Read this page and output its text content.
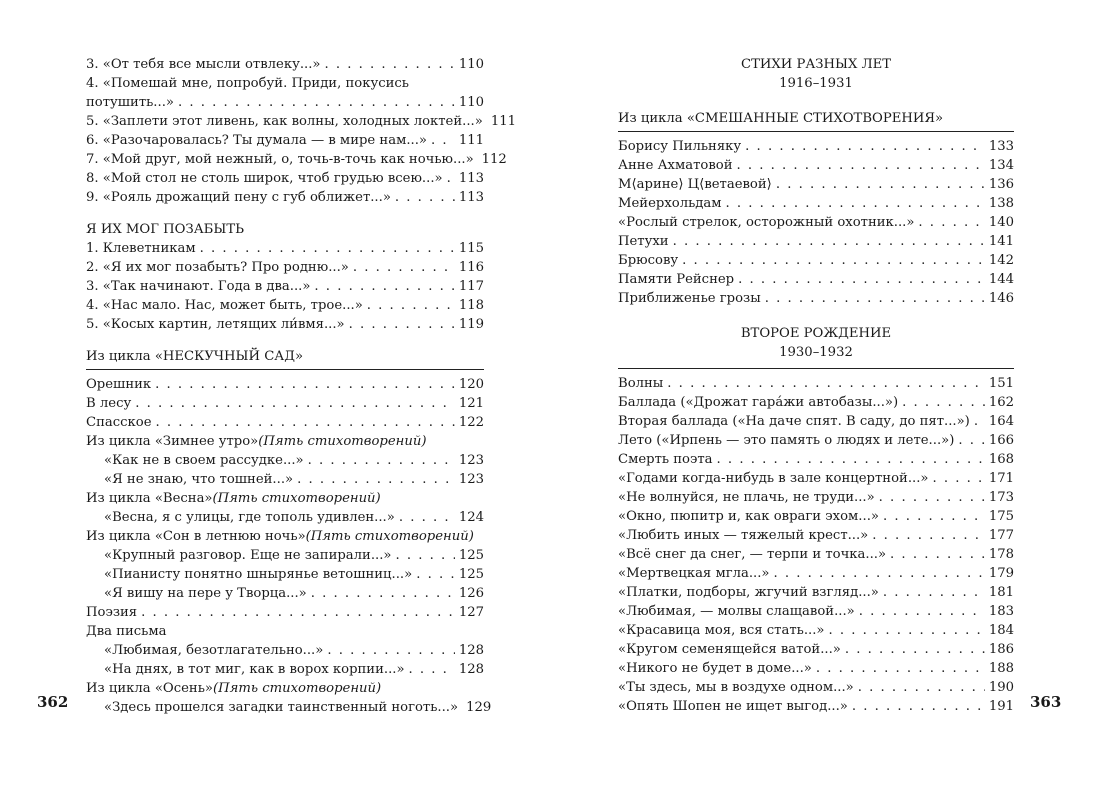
3. «От тебя все мысли отвлеку...» . . .	110
4. «Помешай мне, попробуй. Приди, покусись
потушить...» . . .	110
5. «Заплети этот ливень, как волны, холодных локтей...» 111
6. «Разочаровалась? Ты думала — в мире нам...» . . . 111
7. «Мой друг, мой нежный, о, точь-в-точь как ночью...» 112
8. «Мой стол не столь широк, чтоб грудью всею...» . . . 113
9. «Рояль дрожащий пену с губ оближет...» . . .	113
Я ИХ МОГ ПОЗАБЫТЬ
1. Клеветникам . . .	115
2. «Я их мог позабыть? Про родню...» . . .	116
3. «Так начинают. Года в два...» . . .	117
4. «Нас мало. Нас, может быть, трое...» . . .	118
5. «Косых картин, летящих ли́вмя...» . . .	119
Из цикла «НЕСКУЧНЫЙ САД»
Орешник . . .	120
В лесу . . .	121
Спасское . . .	122
Из цикла «Зимнее утро» (Пять стихотворений)
«Как не в своем рассудке...» . . .	123
«Я не знаю, что тошней...» . . .	123
Из цикла «Весна» (Пять стихотворений)
«Весна, я с улицы, где тополь удивлен...» . . .	124
Из цикла «Сон в летнюю ночь» (Пять стихотворений)
«Крупный разговор. Еще не запирали...» . . .	125
«Пианисту понятно шнырянье ветошниц...» . . .	125
«Я вишу на пере у Творца...» . . .	126
Поэзия . . .	127
Два письма
«Любимая, безотлагательно...» . . .	128
«На днях, в тот миг, как в ворох корпии...» . . .	128
Из цикла «Осень» (Пять стихотворений)
«Здесь прошелся загадки таинственный ноготь...» 129
СТИХИ РАЗНЫХ ЛЕТ
1916–1931
Из цикла «СМЕШАННЫЕ СТИХОТВОРЕНИЯ»
Борису Пильняку . . .	133
Анне Ахматовой . . .	134
М⟨арине⟩ Ц⟨ветаевой⟩ . . .	136
Мейерхольдам . . .	138
«Рослый стрелок, осторожный охотник...» . . .	140
Петухи . . .	141
Брюсову . . .	142
Памяти Рейснер . . .	144
Приближенье грозы . . .	146
ВТОРОЕ РОЖДЕНИЕ
1930–1932
Волны . . .	151
Баллада («Дрожат гара́жи автобазы...») . . .	162
Вторая баллада («На даче спят. В саду, до пят...») . . . 164
Лето («Ирпень — это память о людях и лете...») . . .	166
Смерть поэта . . .	168
«Годами когда-нибудь в зале концертной...» . . .	171
«Не волнуйся, не плачь, не труди...» . . .	173
«Окно, пюпитр и, как овраги эхом...» . . .	175
«Любить иных — тяжелый крест...» . . .	177
«Всё снег да снег, — терпи и точка...» . . .	178
«Мертвецкая мгла...» . . .	179
«Платки, подборы, жгучий взгляд...» . . .	181
«Любимая, — молвы слащавой...» . . .	183
«Красавица моя, вся стать...» . . .	184
«Кругом семенящейся ватой...» . . .	186
«Никого не будет в доме...» . . .	188
«Ты здесь, мы в воздухе одном...» . . .	190
«Опять Шопен не ищет выгод...» . . .	191
362	363
